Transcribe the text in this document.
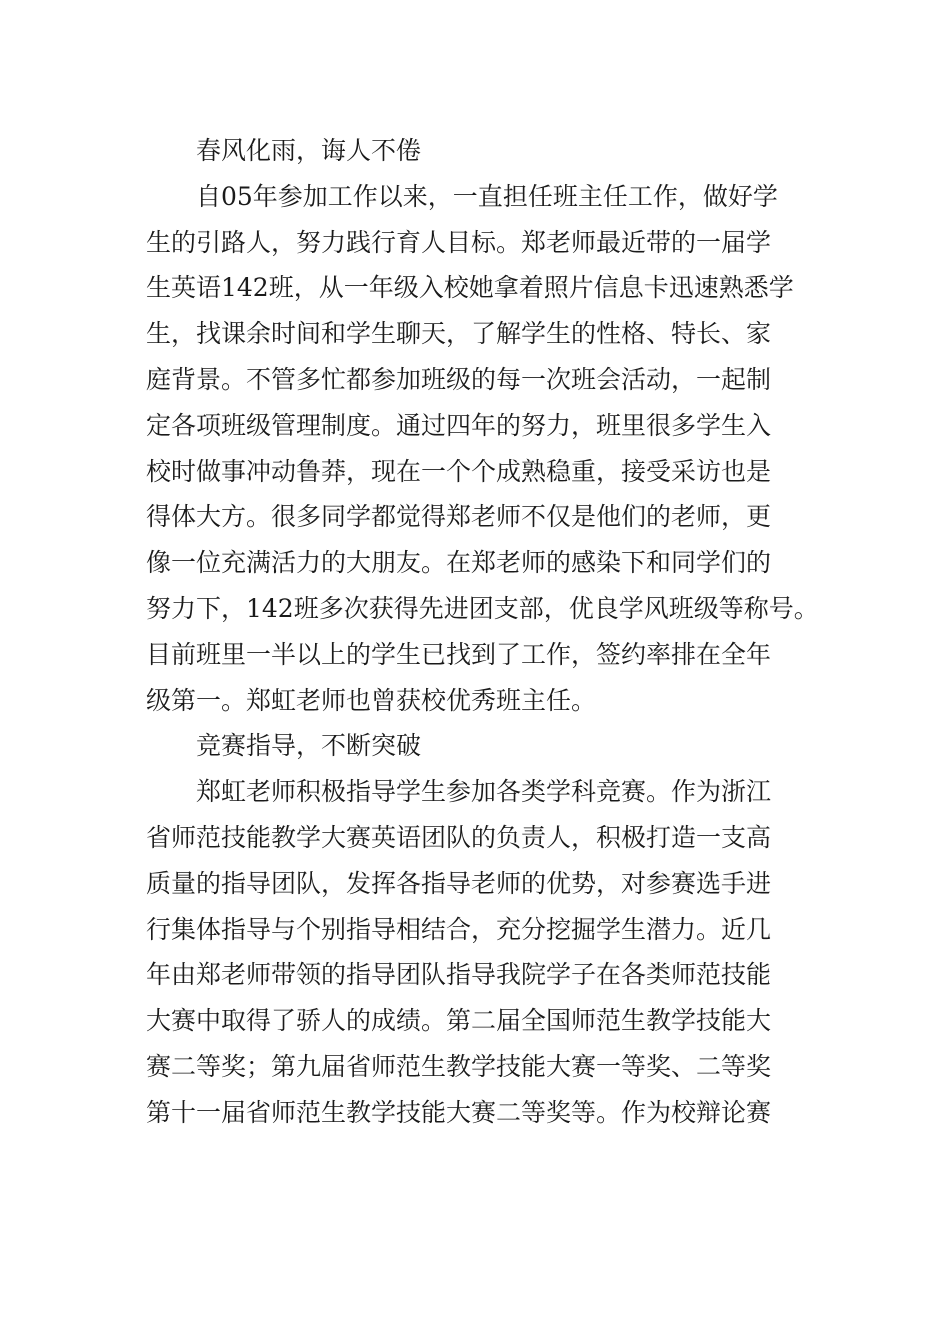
春风化雨，诲人不倦
自05年参加工作以来，一直担任班主任工作，做好学
生的引路人，努力践行育人目标。郑老师最近带的一届学
生英语142班，从一年级入校她拿着照片信息卡迅速熟悉学
生，找课余时间和学生聊天，了解学生的性格、特长、家
庭背景。不管多忙都参加班级的每一次班会活动，一起制
定各项班级管理制度。通过四年的努力，班里很多学生入
校时做事冲动鲁莽，现在一个个成熟稳重，接受采访也是
得体大方。很多同学都觉得郑老师不仅是他们的老师，更
像一位充满活力的大朋友。在郑老师的感染下和同学们的
努力下，142班多次获得先进团支部，优良学风班级等称号。
目前班里一半以上的学生已找到了工作，签约率排在全年
级第一。郑虹老师也曾获校优秀班主任。
竞赛指导，不断突破
郑虹老师积极指导学生参加各类学科竞赛。作为浙江
省师范技能教学大赛英语团队的负责人，积极打造一支高
质量的指导团队，发挥各指导老师的优势，对参赛选手进
行集体指导与个别指导相结合，充分挖掘学生潜力。近几
年由郑老师带领的指导团队指导我院学子在各类师范技能
大赛中取得了骄人的成绩。第二届全国师范生教学技能大
赛二等奖；第九届省师范生教学技能大赛一等奖、二等奖
第十一届省师范生教学技能大赛二等奖等。作为校辩论赛
